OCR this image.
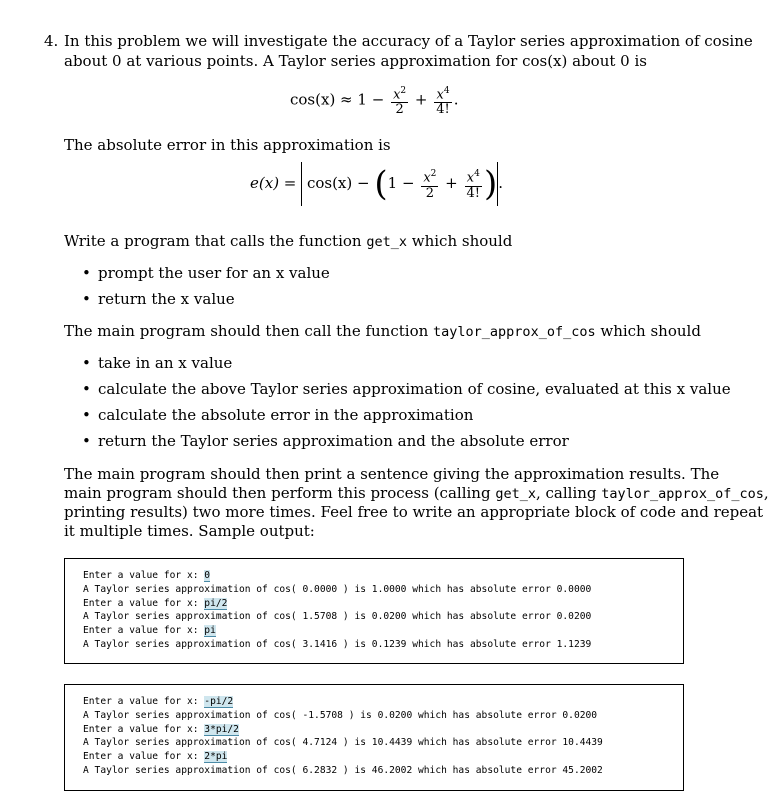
4. In this problem we will investigate the accuracy of a Taylor series approximation of cosine
about 0 at various points. A Taylor series approximation for cos(x) about 0 is
$\cos(x) \approx 1 - \frac{x^2}{2} + \frac{x^4}{4!}$ .
The absolute error in this approximation is
$e(x) = \cos(x) - (1 - \frac{x^2}{2} + \frac{x^4}{4!}$ ).
Write a program that calls the function get_x which should
• prompt the user for an x value
• return the x value
The main program should then call the function taylor_approx_of_cos which should
• take in an x value
• calculate the above Taylor series approximation of cosine, evaluated at this x value
• calculate the absolute error in the approximation
• return the Taylor series approximation and the absolute error
The main program should then print a sentence giving the approximation results. The
main program should then perform this process (calling get_x, calling taylor_approx_of_cos,
printing results) two more times. Feel free to write an appropriate block of code and repeat
it multiple times. Sample output:
Enter a value for x: 0
A Taylor series approximation of cos( 0.0000 ) is 1.0000 which has absolute error 0.0000
Enter a value for x: pi/2
A Taylor series approximation of cos( 1.5708 ) is 0.0200 which has absolute error 0.0200
Enter a value for x: pi
A Taylor series approximation of cos( 3.1416 ) is 0.1239 which has absolute error 1.1239
Enter a value for x: -pi/2
A Taylor series approximation of cos( -1.5708 ) is 0.0200 which has absolute error 0.0200
Enter a value for x: 3*pi/2
A Taylor series approximation of cos( 4.7124 ) is 10.4439 which has absolute error 10.4439
Enter a value for x: 2*pi
A Taylor series approximation of cos( 6.2832 ) is 46.2002 which has absolute error 45.2002
